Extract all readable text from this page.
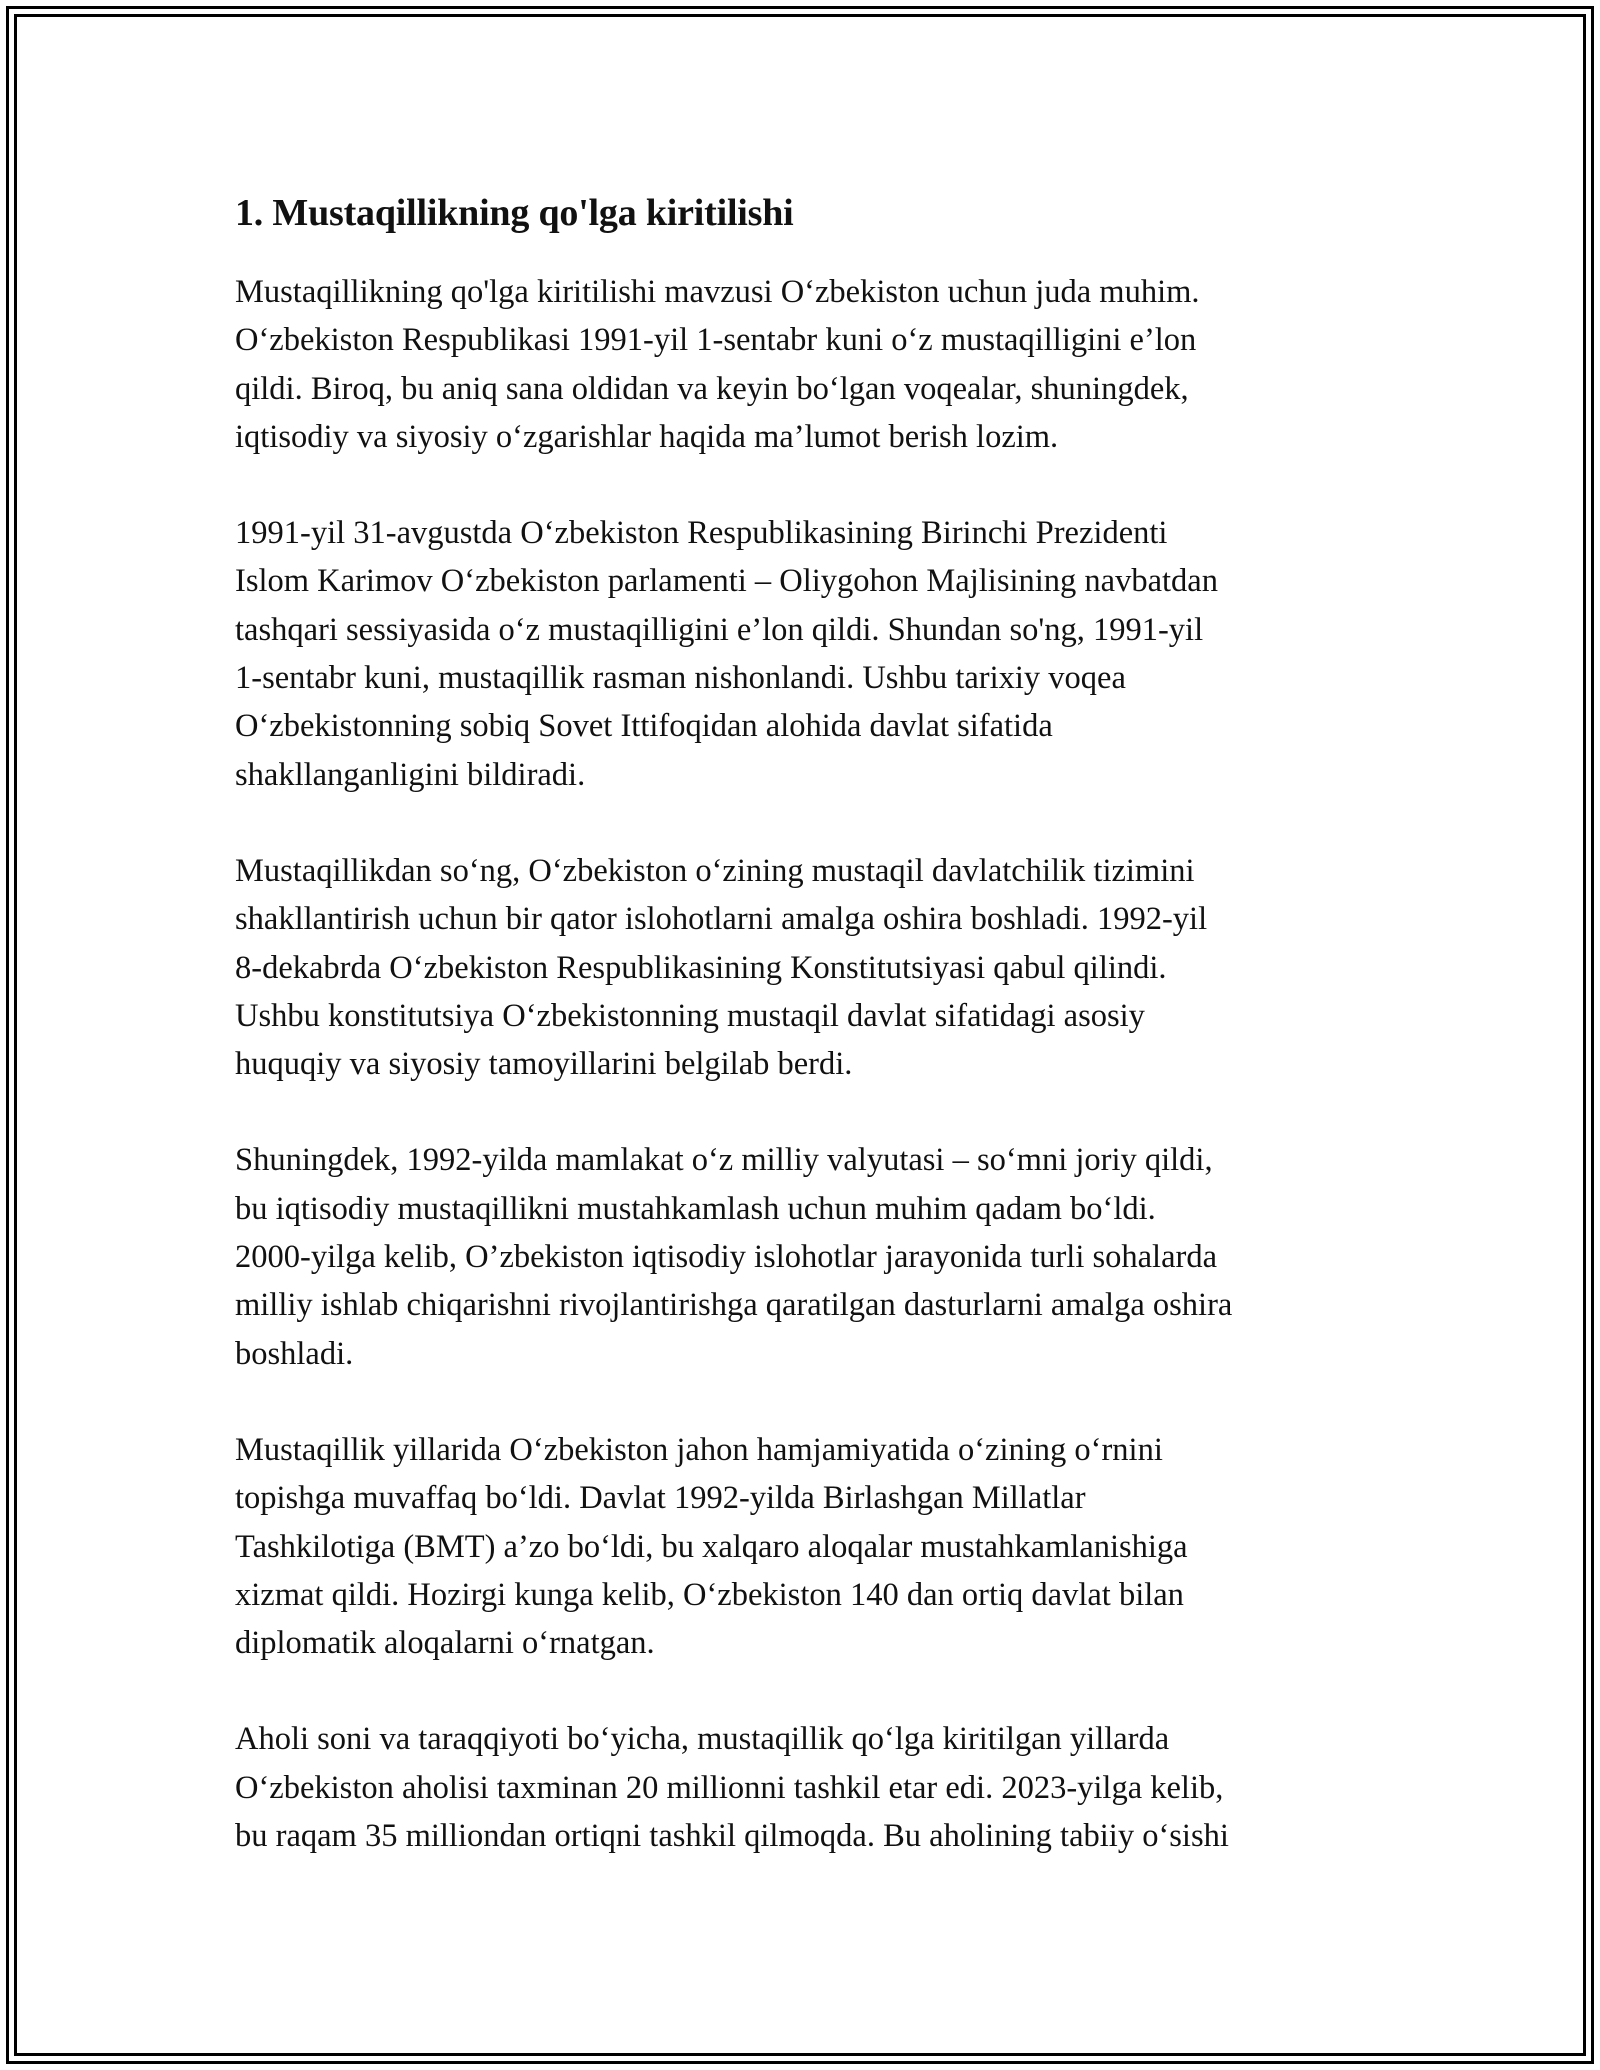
1. Mustaqillikning qo'lga kiritilishi

Mustaqillikning qo'lga kiritilishi mavzusi O‘zbekiston uchun juda muhim.
O‘zbekiston Respublikasi 1991-yil 1-sentabr kuni o‘z mustaqilligini e’lon
qildi. Biroq, bu aniq sana oldidan va keyin bo‘lgan voqealar, shuningdek,
iqtisodiy va siyosiy o‘zgarishlar haqida ma’lumot berish lozim.

1991-yil 31-avgustda O‘zbekiston Respublikasining Birinchi Prezidenti
Islom Karimov O‘zbekiston parlamenti – Oliygohon Majlisining navbatdan
tashqari sessiyasida o‘z mustaqilligini e’lon qildi. Shundan so'ng, 1991-yil
1-sentabr kuni, mustaqillik rasman nishonlandi. Ushbu tarixiy voqea
O‘zbekistonning sobiq Sovet Ittifoqidan alohida davlat sifatida
shakllanganligini bildiradi.

Mustaqillikdan so‘ng, O‘zbekiston o‘zining mustaqil davlatchilik tizimini
shakllantirish uchun bir qator islohotlarni amalga oshira boshladi. 1992-yil
8-dekabrda O‘zbekiston Respublikasining Konstitutsiyasi qabul qilindi.
Ushbu konstitutsiya O‘zbekistonning mustaqil davlat sifatidagi asosiy
huquqiy va siyosiy tamoyillarini belgilab berdi.

Shuningdek, 1992-yilda mamlakat o‘z milliy valyutasi – so‘mni joriy qildi,
bu iqtisodiy mustaqillikni mustahkamlash uchun muhim qadam bo‘ldi.
2000-yilga kelib, O’zbekiston iqtisodiy islohotlar jarayonida turli sohalarda
milliy ishlab chiqarishni rivojlantirishga qaratilgan dasturlarni amalga oshira
boshladi.

Mustaqillik yillarida O‘zbekiston jahon hamjamiyatida o‘zining o‘rnini
topishga muvaffaq bo‘ldi. Davlat 1992-yilda Birlashgan Millatlar
Tashkilotiga (BMT) a’zo bo‘ldi, bu xalqaro aloqalar mustahkamlanishiga
xizmat qildi. Hozirgi kunga kelib, O‘zbekiston 140 dan ortiq davlat bilan
diplomatik aloqalarni o‘rnatgan.

Aholi soni va taraqqiyoti bo‘yicha, mustaqillik qo‘lga kiritilgan yillarda
O‘zbekiston aholisi taxminan 20 millionni tashkil etar edi. 2023-yilga kelib,
bu raqam 35 milliondan ortiqni tashkil qilmoqda. Bu aholining tabiiy o‘sishi
